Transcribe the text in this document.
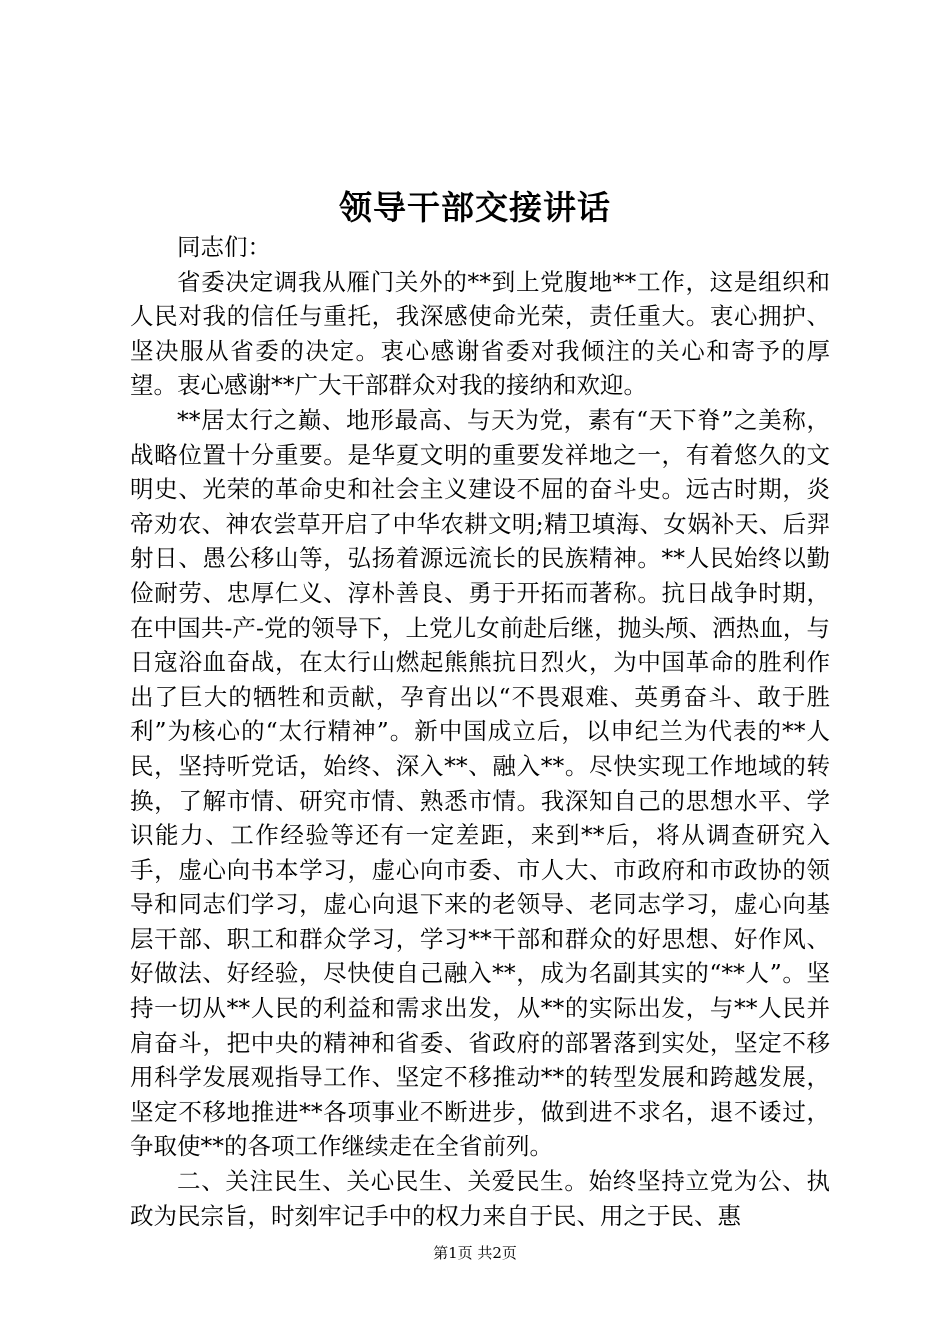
领导干部交接讲话

同志们：

省委决定调我从雁门关外的**到上党腹地**工作，这是组织和人民对我的信任与重托，我深感使命光荣，责任重大。衷心拥护、坚决服从省委的决定。衷心感谢省委对我倾注的关心和寄予的厚望。衷心感谢**广大干部群众对我的接纳和欢迎。

**居太行之巅、地形最高、与天为党，素有“天下脊”之美称，战略位置十分重要。是华夏文明的重要发祥地之一，有着悠久的文明史、光荣的革命史和社会主义建设不屈的奋斗史。远古时期，炎帝劝农、神农尝草开启了中华农耕文明;精卫填海、女娲补天、后羿射日、愚公移山等，弘扬着源远流长的民族精神。**人民始终以勤俭耐劳、忠厚仁义、淳朴善良、勇于开拓而著称。抗日战争时期，在中国共-产-党的领导下，上党儿女前赴后继，抛头颅、洒热血，与日寇浴血奋战，在太行山燃起熊熊抗日烈火，为中国革命的胜利作出了巨大的牺牲和贡献，孕育出以“不畏艰难、英勇奋斗、敢于胜利”为核心的“太行精神”。新中国成立后，以申纪兰为代表的**人民，坚持听党话，始终、深入**、融入**。尽快实现工作地域的转换，了解市情、研究市情、熟悉市情。我深知自己的思想水平、学识能力、工作经验等还有一定差距，来到**后，将从调查研究入手，虚心向书本学习，虚心向市委、市人大、市政府和市政协的领导和同志们学习，虚心向退下来的老领导、老同志学习，虚心向基层干部、职工和群众学习，学习**干部和群众的好思想、好作风、好做法、好经验，尽快使自己融入**，成为名副其实的“**人”。坚持一切从**人民的利益和需求出发，从**的实际出发，与**人民并肩奋斗，把中央的精神和省委、省政府的部署落到实处，坚定不移用科学发展观指导工作、坚定不移推动**的转型发展和跨越发展，坚定不移地推进**各项事业不断进步，做到进不求名，退不诿过，争取使**的各项工作继续走在全省前列。

二、关注民生、关心民生、关爱民生。始终坚持立党为公、执政为民宗旨，时刻牢记手中的权力来自于民、用之于民、惠

第1页 共2页
